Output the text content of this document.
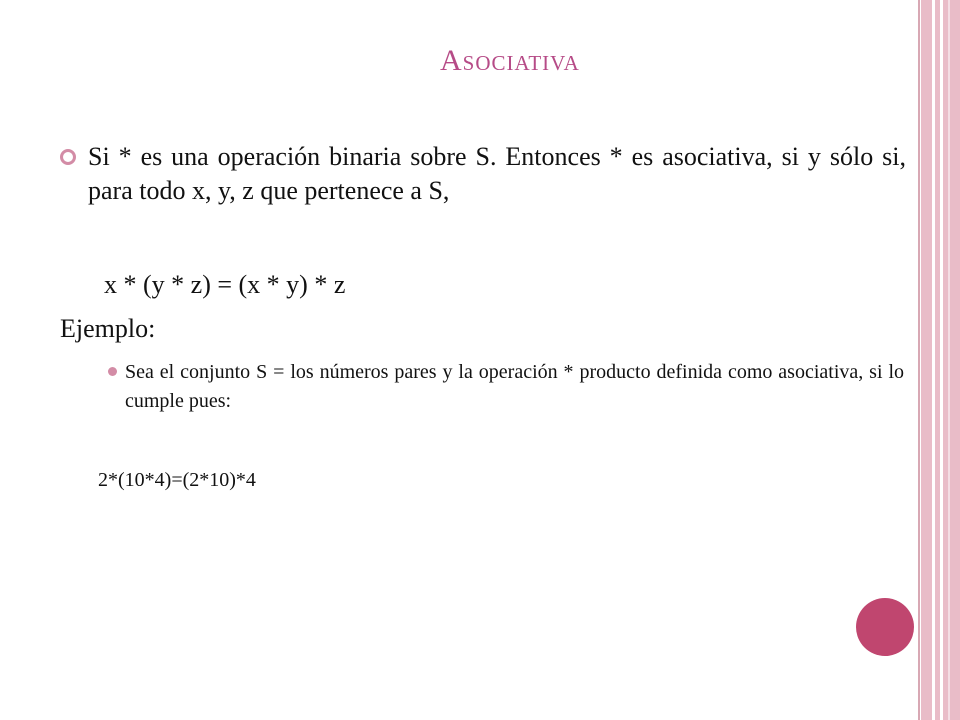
Asociativa

Si * es una operación binaria sobre S. Entonces * es asociativa, si y sólo si, para todo x, y, z que pertenece a S,

x * (y * z) = (x * y) * z

Ejemplo:

Sea el conjunto S = los números pares y la operación * producto definida como asociativa, si lo cumple pues:

2*(10*4)=(2*10)*4
